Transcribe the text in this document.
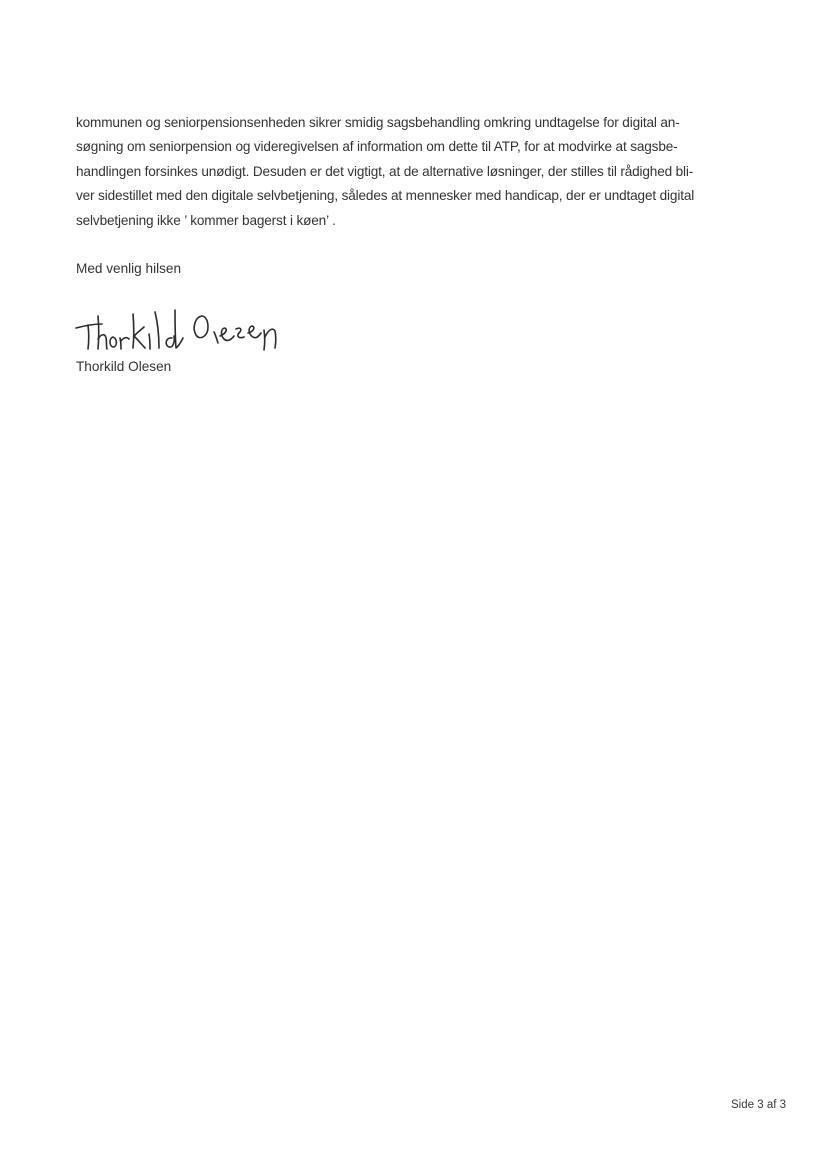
kommunen og seniorpensionsenheden sikrer smidig sagsbehandling omkring undtagelse for digital an-
søgning om seniorpension og videregivelsen af information om dette til ATP, for at modvirke at sagsbe-
handlingen forsinkes unødigt. Desuden er det vigtigt, at de alternative løsninger, der stilles til rådighed bli-
ver sidestillet med den digitale selvbetjening, således at mennesker med handicap, der er undtaget digital
selvbetjening ikke ’ kommer bagerst i køen’ .
Med venlig hilsen
Thorkild Olesen
Side 3 af 3
